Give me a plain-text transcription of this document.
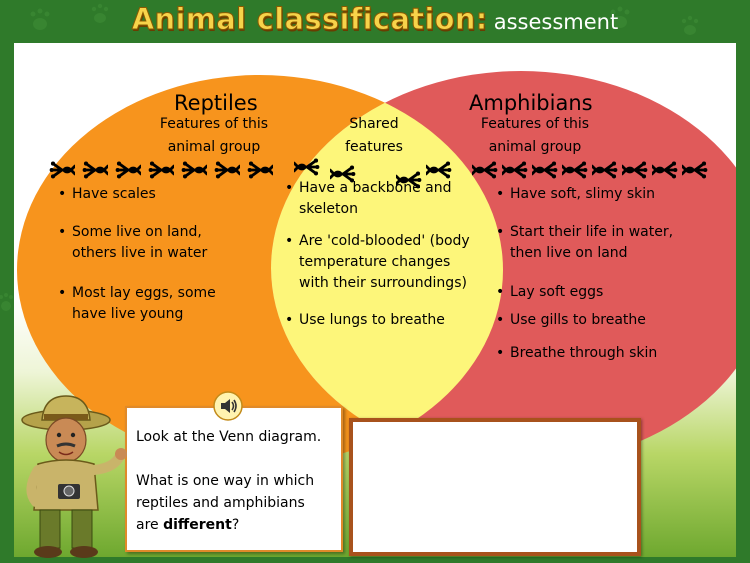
Animal classification: assessment
Reptiles
Features of this
animal group
Amphibians
Features of this
animal group
Shared
features
• Have scales
• Some live on land,
others live in water
• Most lay eggs, some
have live young
• Have a backbone and
skeleton
• Are 'cold-blooded' (body
temperature changes
with their surroundings)
• Use lungs to breathe
• Have soft, slimy skin
• Start their life in water,
then live on land
• Lay soft eggs
• Use gills to breathe
• Breathe through skin
Look at the Venn diagram.
What is one way in which
reptiles and amphibians
are different?
